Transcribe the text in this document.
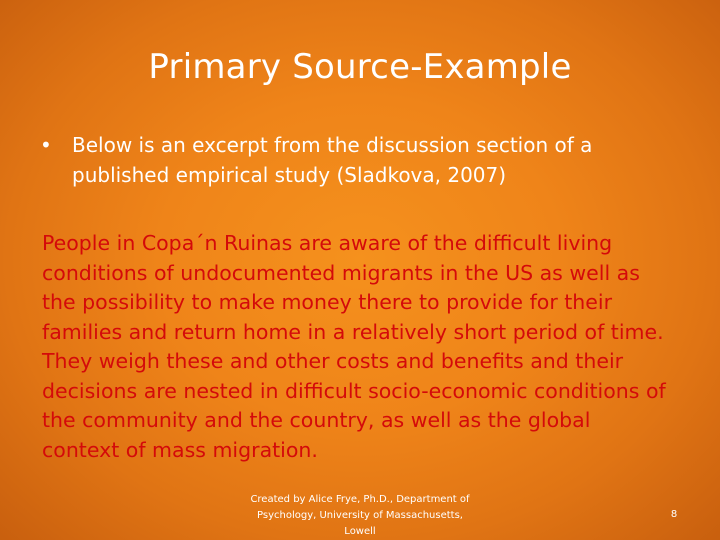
Primary Source-Example
• Below is an excerpt from the discussion section of a published empirical study (Sladkova, 2007)
People in Copa´n Ruinas are aware of the difficult living conditions of undocumented migrants in the US as well as the possibility to make money there to provide for their families and return home in a relatively short period of time. They weigh these and other costs and benefits and their decisions are nested in difficult socio-economic conditions of the community and the country, as well as the global context of mass migration.
Created by Alice Frye, Ph.D., Department of Psychology, University of Massachusetts, Lowell
8
